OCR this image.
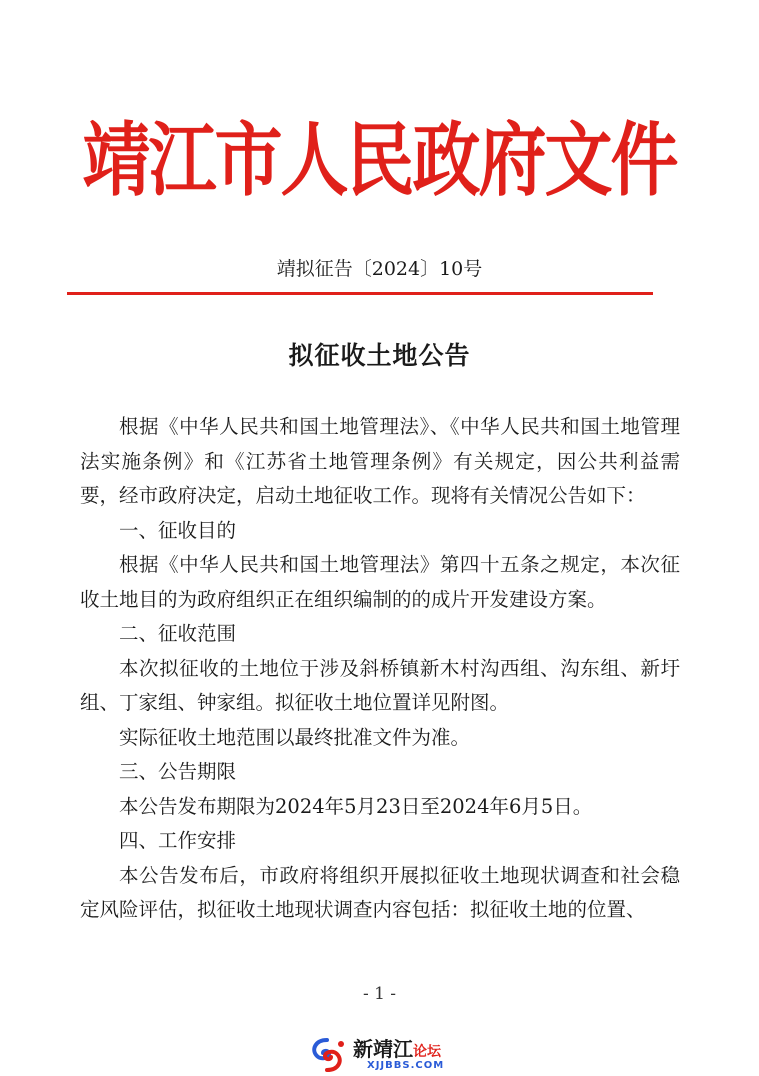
靖江市人民政府文件
靖拟征告〔2024〕10号
拟征收土地公告

根据《中华人民共和国土地管理法》、《中华人民共和国土地管理法实施条例》和《江苏省土地管理条例》有关规定，因公共利益需要，经市政府决定，启动土地征收工作。现将有关情况公告如下：

一、征收目的

根据《中华人民共和国土地管理法》第四十五条之规定，本次征收土地目的为政府组织正在组织编制的的成片开发建设方案。

二、征收范围

本次拟征收的土地位于涉及斜桥镇新木村沟西组、沟东组、新圩组、丁家组、钟家组。拟征收土地位置详见附图。

实际征收土地范围以最终批准文件为准。

三、公告期限

本公告发布期限为2024年5月23日至2024年6月5日。

四、工作安排

本公告发布后，市政府将组织开展拟征收土地现状调查和社会稳定风险评估，拟征收土地现状调查内容包括：拟征收土地的位置、

- 1 -
新靖江论坛
XJJBBS.COM
